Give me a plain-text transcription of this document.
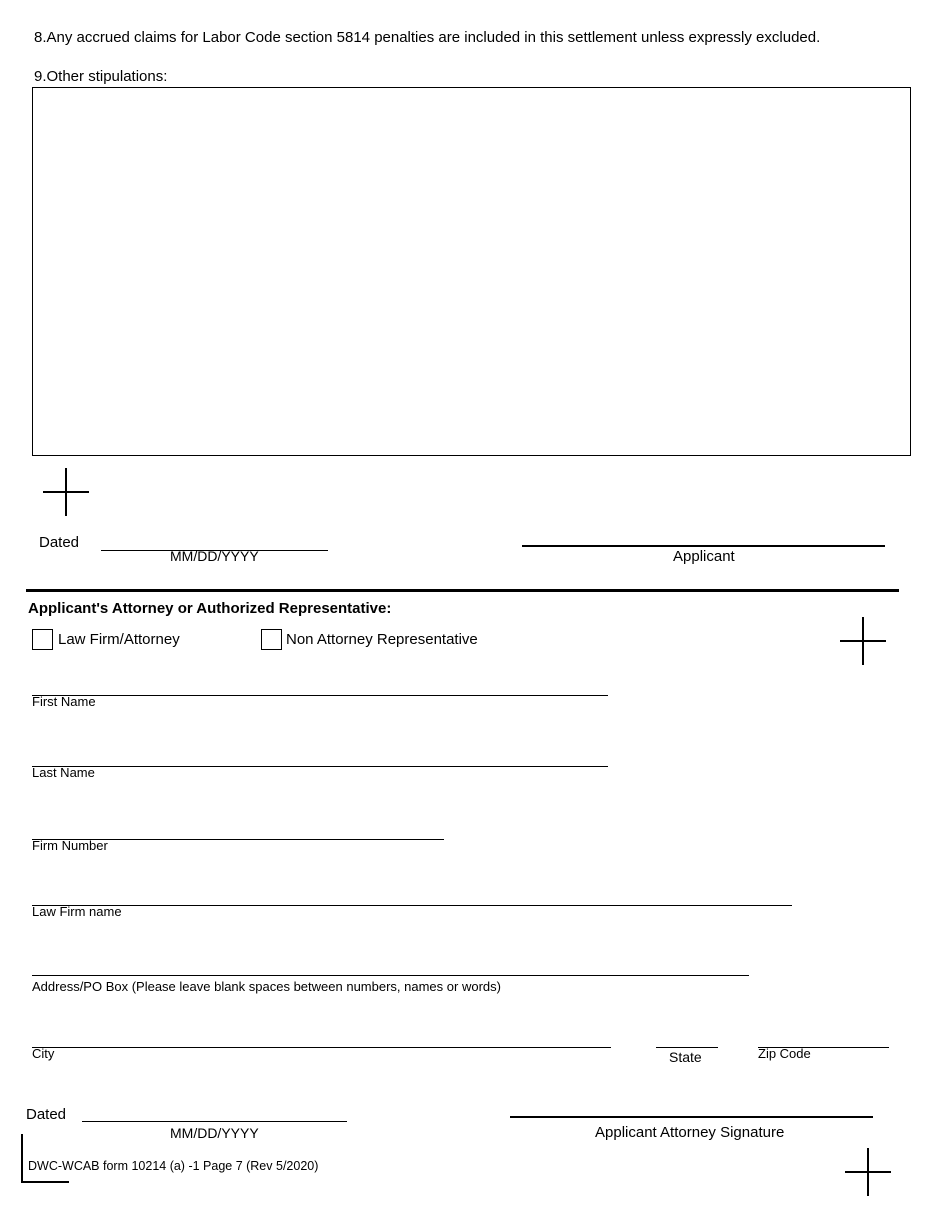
8.Any accrued claims for Labor Code section 5814 penalties are included in this settlement unless expressly excluded.
9.Other stipulations:
Dated
MM/DD/YYYY	Applicant
Applicant's Attorney or Authorized Representative:
Law Firm/Attorney	Non Attorney Representative
First Name
Last Name
Firm Number
Law Firm name
Address/PO Box (Please leave blank spaces between numbers, names or words)
City	State	Zip Code
Dated
MM/DD/YYYY	Applicant Attorney Signature
DWC-WCAB form 10214 (a) -1 Page 7 (Rev 5/2020)
